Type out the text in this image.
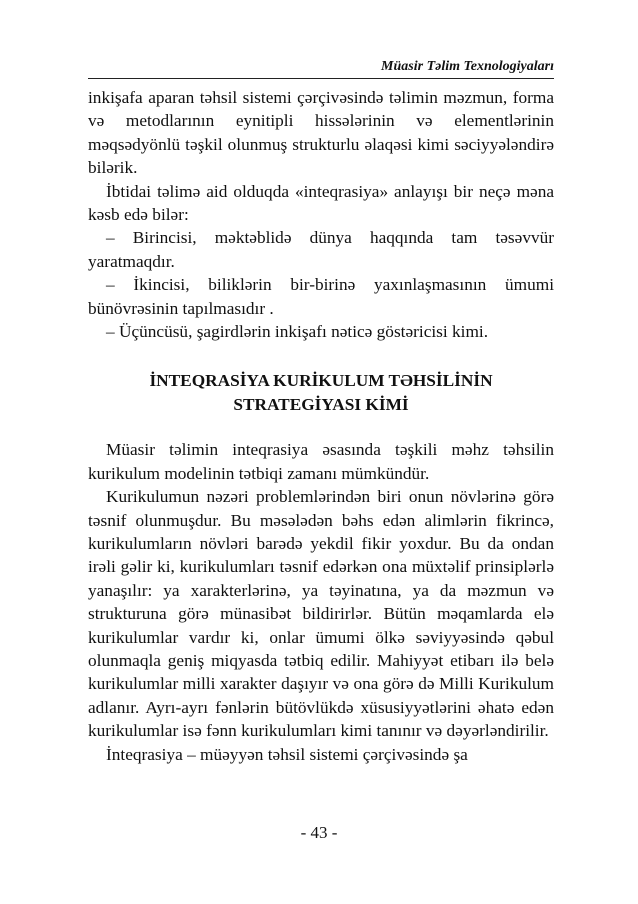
Müasir Təlim Texnologiyaları

inkişafa aparan təhsil sistemi çərçivəsində təlimin məzmun, forma və metodlarının eynitipli hissələrinin və elementlərinin məqsədyönlü təşkil olunmuş strukturlu əlaqəsi kimi səciyyələndirə bilərik.

İbtidai təlimə aid olduqda «inteqrasiya» anlayışı bir neçə məna kəsb edə bilər:

– Birincisi, məktəblidə dünya haqqında tam təsəvvür yaratmaqdır.

– İkincisi, biliklərin bir-birinə yaxınlaşmasının ümumi bünövrəsinin tapılmasıdır .

– Üçüncüsü, şagirdlərin inkişafı nəticə göstəricisi kimi.

İNTEQRASİYA KURİKULUM TƏHSİLİNİN
STRATEGİYASI KİMİ

Müasir təlimin inteqrasiya əsasında təşkili məhz təhsilin kurikulum modelinin tətbiqi zamanı mümkündür.

Kurikulumun nəzəri problemlərindən biri onun növlərinə görə təsnif olunmuşdur. Bu məsələdən bəhs edən alimlərin fikrincə, kurikulumların növləri barədə yekdil fikir yoxdur. Bu da ondan irəli gəlir ki, kurikulumları təsnif edərkən ona müxtəlif prinsiplərlə yanaşılır: ya xarakterlərinə, ya təyinatına, ya da məzmun və strukturuna görə münasibət bildirirlər. Bütün məqamlarda elə kurikulumlar vardır ki, onlar ümumi ölkə səviyyəsində qəbul olunmaqla geniş miqyasda tətbiq edilir. Mahiyyət etibarı ilə belə kurikulumlar milli xarakter daşıyır və ona görə də Milli Kurikulum adlanır. Ayrı-ayrı fənlərin bütövlükdə xüsusiyyətlərini əhatə edən kurikulumlar isə fənn kurikulumları kimi tanınır və dəyərləndirilir.

İnteqrasiya – müəyyən təhsil sistemi çərçivəsində şa

- 43 -
